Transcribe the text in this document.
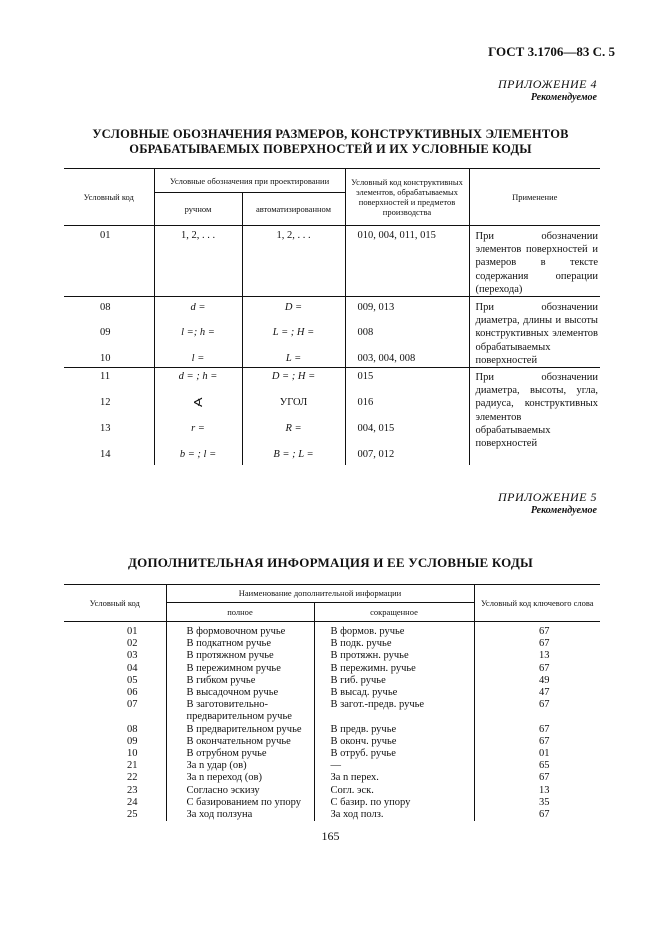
ГОСТ 3.1706—83 С. 5
ПРИЛОЖЕНИЕ 4
Рекомендуемое
УСЛОВНЫЕ ОБОЗНАЧЕНИЯ РАЗМЕРОВ, КОНСТРУКТИВНЫХ ЭЛЕМЕНТОВ
ОБРАБАТЫВАЕМЫХ ПОВЕРХНОСТЕЙ И ИХ УСЛОВНЫЕ КОДЫ
Условный код	Условные обозначения при проектировании		Условный код конструктивных элементов, обрабатываемых поверхностей и предметов производства	Применение
	ручном	автоматизированном		
01	1, 2, . . .	1, 2, . . .	010, 004, 011, 015	При обозначении элементов поверхностей и размеров в тексте содержания операции (перехода)
08	d =	D =	009, 013	При обозначении диаметра, длины и высоты конструктивных элементов обрабатываемых поверхностей
09	l =; h =	L = ; H =	008	
10	l =	L =	003, 004, 008	
11	d = ; h =	D = ; H =	015	При обозначении диаметра, высоты, угла, радиуса, конструктивных элементов обрабатываемых поверхностей
12	∢	УГОЛ	016	
13	r =	R =	004, 015	
14	b = ; l =	B = ; L =	007, 012	
ПРИЛОЖЕНИЕ 5
Рекомендуемое
ДОПОЛНИТЕЛЬНАЯ ИНФОРМАЦИЯ И ЕЕ УСЛОВНЫЕ КОДЫ
Условный код	Наименование дополнительной информации		Условный код ключевого слова
	полное	сокращенное	
01	В формовочном ручье	В формов. ручье	67
02	В подкатном ручье	В подк. ручье	67
03	В протяжном ручье	В протяжн. ручье	13
04	В пережимном ручье	В пережимн. ручье	67
05	В гибком ручье	В гиб. ручье	49
06	В высадочном ручье	В высад. ручье	47
07	В заготовительно-предварительном ручье	В загот.-предв. ручье	67
08	В предварительном ручье	В предв. ручье	67
09	В окончательном ручье	В оконч. ручье	67
10	В отрубном ручье	В отруб. ручье	01
21	За n удар (ов)	—	65
22	За n переход (ов)	За n перех.	67
23	Согласно эскизу	Согл. эск.	13
24	С базированием по упору	С базир. по упору	35
25	За ход ползуна	За ход полз.	67
165
